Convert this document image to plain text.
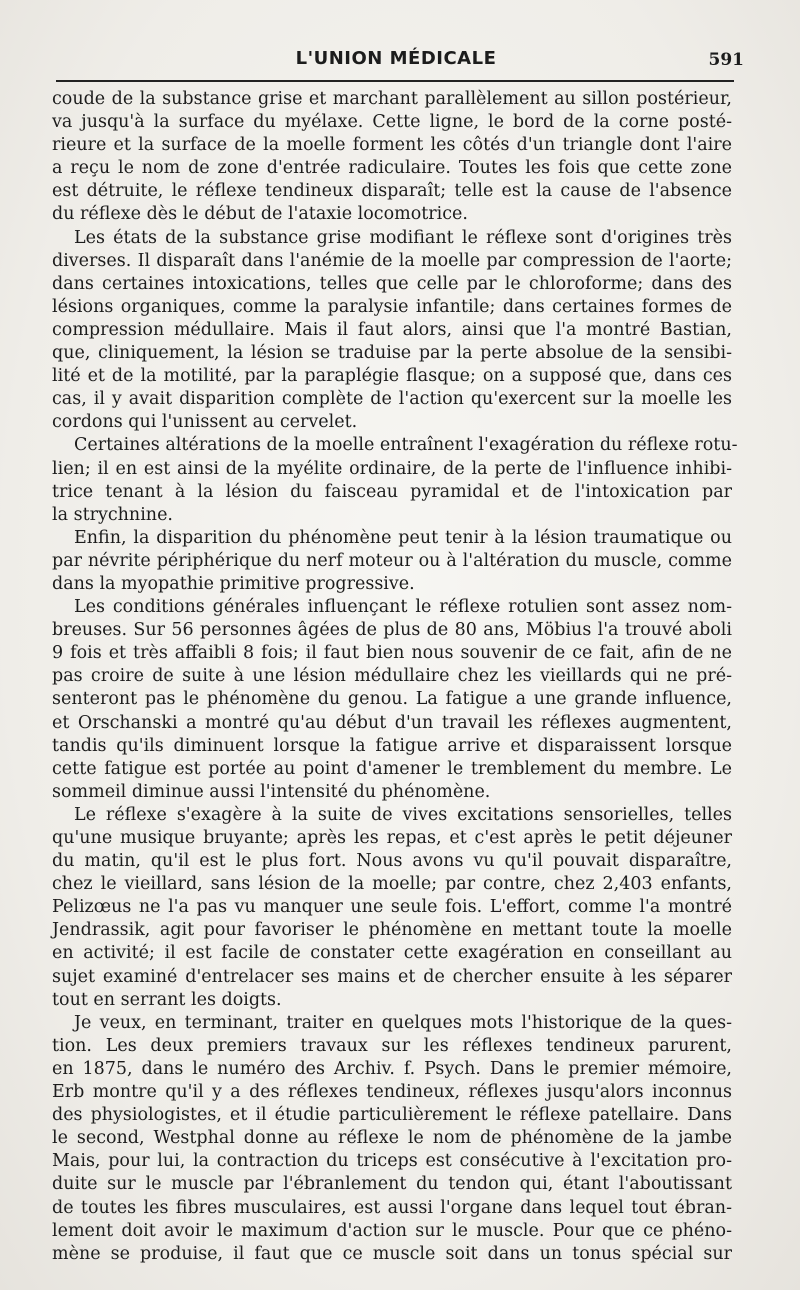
L'UNION MÉDICALE	591
coude de la substance grise et marchant parallèlement au sillon postérieur,
va jusqu'à la surface du myélaxe. Cette ligne, le bord de la corne posté-
rieure et la surface de la moelle forment les côtés d'un triangle dont l'aire
a reçu le nom de zone d'entrée radiculaire. Toutes les fois que cette zone
est détruite, le réflexe tendineux disparaît; telle est la cause de l'absence
du réflexe dès le début de l'ataxie locomotrice.
Les états de la substance grise modifiant le réflexe sont d'origines très
diverses. Il disparaît dans l'anémie de la moelle par compression de l'aorte;
dans certaines intoxications, telles que celle par le chloroforme; dans des
lésions organiques, comme la paralysie infantile; dans certaines formes de
compression médullaire. Mais il faut alors, ainsi que l'a montré Bastian,
que, cliniquement, la lésion se traduise par la perte absolue de la sensibi-
lité et de la motilité, par la paraplégie flasque; on a supposé que, dans ces
cas, il y avait disparition complète de l'action qu'exercent sur la moelle les
cordons qui l'unissent au cervelet.
Certaines altérations de la moelle entraînent l'exagération du réflexe rotu-
lien; il en est ainsi de la myélite ordinaire, de la perte de l'influence inhibi-
trice tenant à la lésion du faisceau pyramidal et de l'intoxication par
la strychnine.
Enfin, la disparition du phénomène peut tenir à la lésion traumatique ou
par névrite périphérique du nerf moteur ou à l'altération du muscle, comme
dans la myopathie primitive progressive.
Les conditions générales influençant le réflexe rotulien sont assez nom-
breuses. Sur 56 personnes âgées de plus de 80 ans, Möbius l'a trouvé aboli
9 fois et très affaibli 8 fois; il faut bien nous souvenir de ce fait, afin de ne
pas croire de suite à une lésion médullaire chez les vieillards qui ne pré-
senteront pas le phénomène du genou. La fatigue a une grande influence,
et Orschanski a montré qu'au début d'un travail les réflexes augmentent,
tandis qu'ils diminuent lorsque la fatigue arrive et disparaissent lorsque
cette fatigue est portée au point d'amener le tremblement du membre. Le
sommeil diminue aussi l'intensité du phénomène.
Le réflexe s'exagère à la suite de vives excitations sensorielles, telles
qu'une musique bruyante; après les repas, et c'est après le petit déjeuner
du matin, qu'il est le plus fort. Nous avons vu qu'il pouvait disparaître,
chez le vieillard, sans lésion de la moelle; par contre, chez 2,403 enfants,
Pelizœus ne l'a pas vu manquer une seule fois. L'effort, comme l'a montré
Jendrassik, agit pour favoriser le phénomène en mettant toute la moelle
en activité; il est facile de constater cette exagération en conseillant au
sujet examiné d'entrelacer ses mains et de chercher ensuite à les séparer
tout en serrant les doigts.
Je veux, en terminant, traiter en quelques mots l'historique de la ques-
tion. Les deux premiers travaux sur les réflexes tendineux parurent,
en 1875, dans le numéro des Archiv. f. Psych. Dans le premier mémoire,
Erb montre qu'il y a des réflexes tendineux, réflexes jusqu'alors inconnus
des physiologistes, et il étudie particulièrement le réflexe patellaire. Dans
le second, Westphal donne au réflexe le nom de phénomène de la jambe
Mais, pour lui, la contraction du triceps est consécutive à l'excitation pro-
duite sur le muscle par l'ébranlement du tendon qui, étant l'aboutissant
de toutes les fibres musculaires, est aussi l'organe dans lequel tout ébran-
lement doit avoir le maximum d'action sur le muscle. Pour que ce phéno-
mène se produise, il faut que ce muscle soit dans un tonus spécial sur
